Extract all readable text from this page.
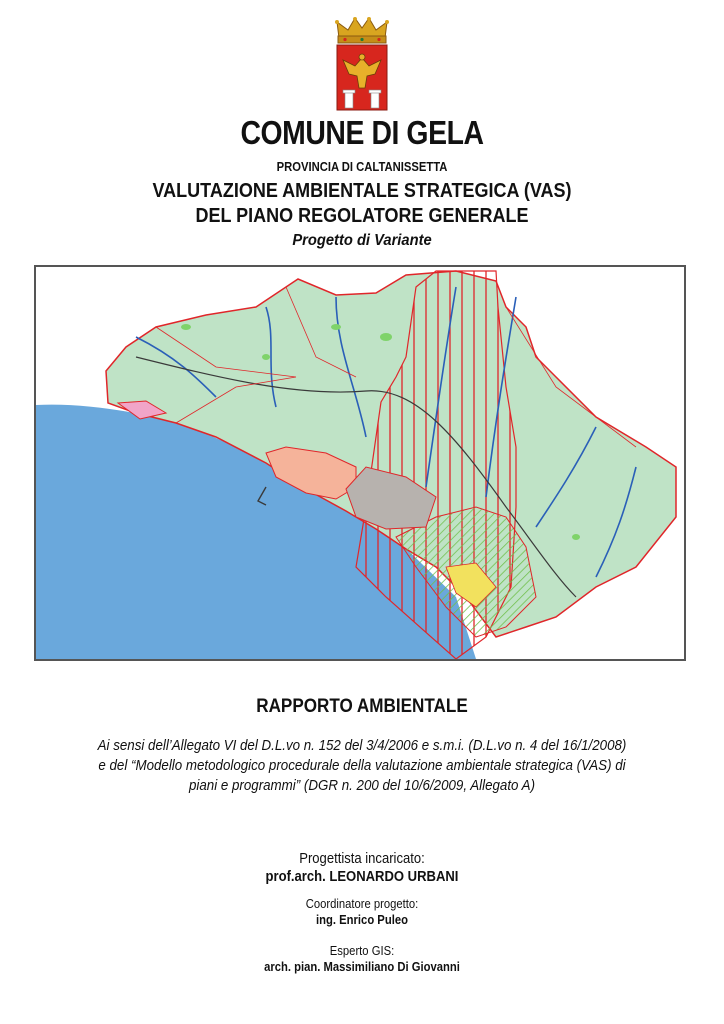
COMUNE DI GELA
PROVINCIA DI CALTANISSETTA
VALUTAZIONE AMBIENTALE STRATEGICA (VAS)
DEL PIANO REGOLATORE GENERALE
Progetto di Variante
RAPPORTO AMBIENTALE
Ai sensi dell’Allegato VI del D.L.vo n. 152 del 3/4/2006 e s.m.i. (D.L.vo n. 4 del 16/1/2008)
e del “Modello metodologico procedurale della valutazione ambientale strategica (VAS) di
piani e programmi” (DGR n. 200 del 10/6/2009, Allegato A)
Progettista incaricato:
prof.arch. LEONARDO URBANI
Coordinatore progetto:
ing. Enrico Puleo
Esperto GIS:
arch. pian. Massimiliano Di Giovanni
